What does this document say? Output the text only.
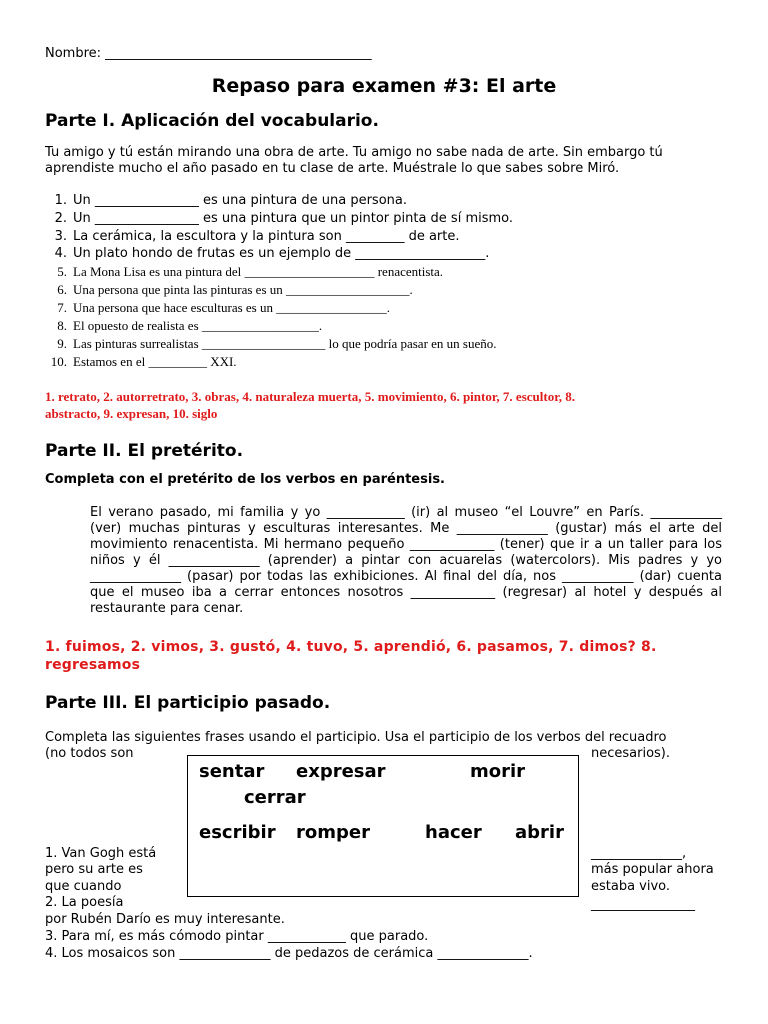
Nombre: _________________________________________
Repaso para examen #3: El arte
Parte I. Aplicación del vocabulario.
Tu amigo y tú están mirando una obra de arte. Tu amigo no sabe nada de arte. Sin embargo tú
aprendiste mucho el año pasado en tu clase de arte. Muéstrale lo que sabes sobre Miró.
1. Un ________________ es una pintura de una persona.
2. Un ________________ es una pintura que un pintor pinta de sí mismo.
3. La cerámica, la escultora y la pintura son _________ de arte.
4. Un plato hondo de frutas es un ejemplo de ____________________.
5. La Mona Lisa es una pintura del ____________________ renacentista.
6. Una persona que pinta las pinturas es un ___________________.
7. Una persona que hace esculturas es un _________________.
8. El opuesto de realista es __________________.
9. Las pinturas surrealistas ___________________ lo que podría pasar en un sueño.
10. Estamos en el _________ XXI.
1. retrato, 2. autorretrato, 3. obras, 4. naturaleza muerta, 5. movimiento, 6. pintor, 7. escultor, 8.
abstracto, 9. expresan, 10. siglo
Parte II. El pretérito.
Completa con el pretérito de los verbos en paréntesis.

El verano pasado, mi familia y yo ____________ (ir) al museo “el Louvre” en París. ___________ (ver) muchas pinturas y esculturas interesantes. Me ______________ (gustar) más el arte del movimiento renacentista. Mi hermano pequeño _____________ (tener) que ir a un taller para los niños y él ______________ (aprender) a pintar con acuarelas (watercolors). Mis padres y yo ______________ (pasar) por todas las exhibiciones. Al final del día, nos ___________ (dar) cuenta que el museo iba a cerrar entonces nosotros _____________ (regresar) al hotel y después al restaurante para cenar.

1. fuimos, 2. vimos, 3. gustó, 4. tuvo, 5. aprendió, 6. pasamos, 7. dimos? 8.
regresamos
Parte III. El participio pasado.
Completa las siguientes frases usando el participio. Usa el participio de los verbos del recuadro
(no todos son	necesarios).
sentar expresar	morir
cerrar
escribir romper	hacer abrir
1. Van Gogh está	______________,
pero su arte es	más popular ahora
que cuando	estaba vivo.
2. La poesía	________________
por Rubén Darío es muy interesante.
3. Para mí, es más cómodo pintar ____________ que parado.
4. Los mosaicos son ______________ de pedazos de cerámica ______________.
